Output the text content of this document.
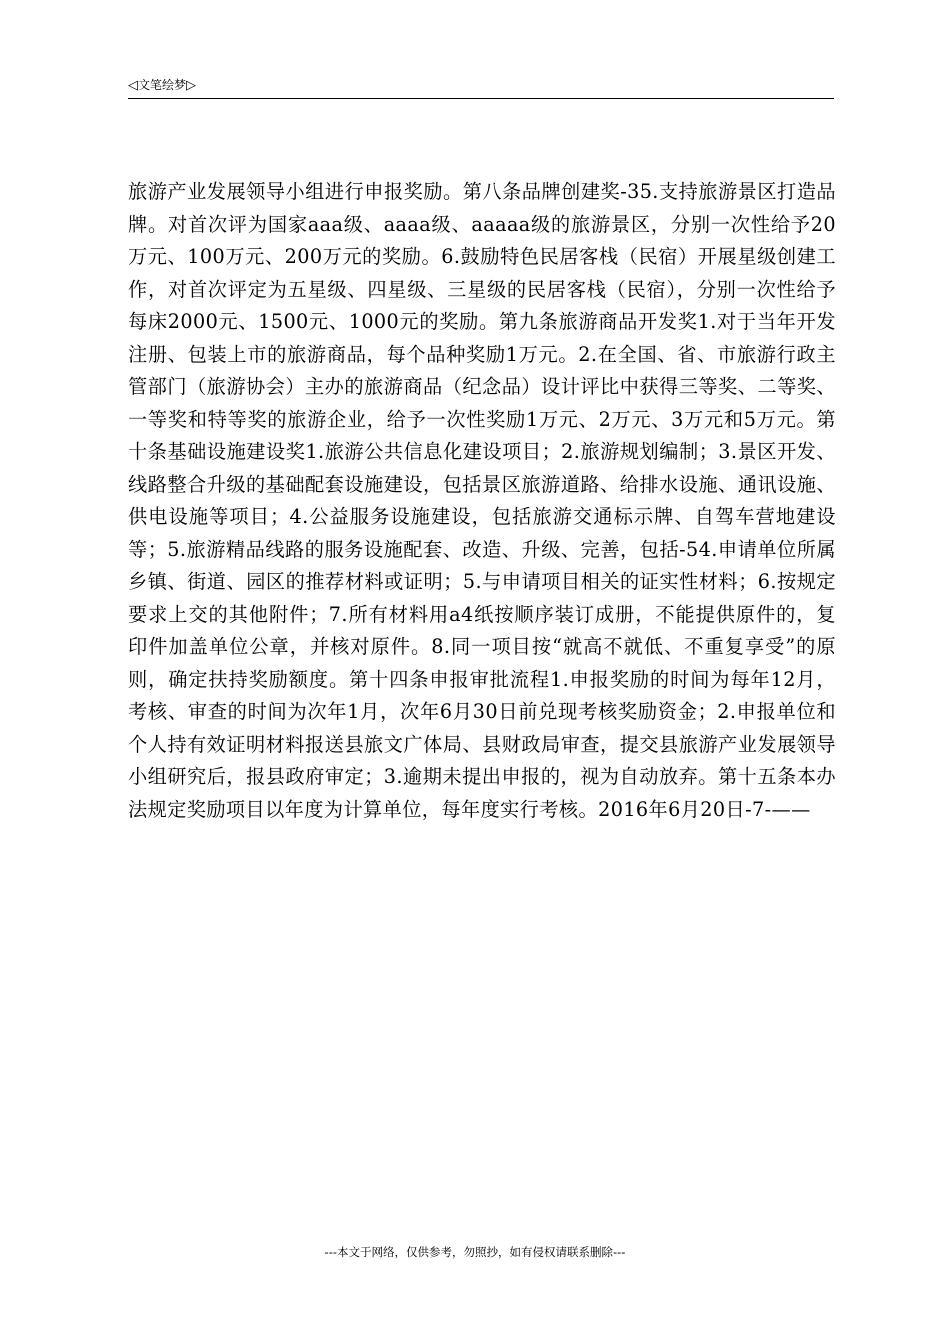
◁文笔绘梦▷
旅游产业发展领导小组进行申报奖励。第八条品牌创建奖-35.支持旅游景区打造品牌。对首次评为国家aaa级、aaaa级、aaaaa级的旅游景区，分别一次性给予20万元、100万元、200万元的奖励。6.鼓励特色民居客栈（民宿）开展星级创建工作，对首次评定为五星级、四星级、三星级的民居客栈（民宿），分别一次性给予每床2000元、1500元、1000元的奖励。第九条旅游商品开发奖1.对于当年开发注册、包装上市的旅游商品，每个品种奖励1万元。2.在全国、省、市旅游行政主管部门（旅游协会）主办的旅游商品（纪念品）设计评比中获得三等奖、二等奖、一等奖和特等奖的旅游企业，给予一次性奖励1万元、2万元、3万元和5万元。第十条基础设施建设奖1.旅游公共信息化建设项目；2.旅游规划编制；3.景区开发、线路整合升级的基础配套设施建设，包括景区旅游道路、给排水设施、通讯设施、供电设施等项目；4.公益服务设施建设，包括旅游交通标示牌、自驾车营地建设等；5.旅游精品线路的服务设施配套、改造、升级、完善，包括-54.申请单位所属乡镇、街道、园区的推荐材料或证明；5.与申请项目相关的证实性材料；6.按规定要求上交的其他附件；7.所有材料用a4纸按顺序装订成册，不能提供原件的，复印件加盖单位公章，并核对原件。8.同一项目按“就高不就低、不重复享受”的原则，确定扶持奖励额度。第十四条申报审批流程1.申报奖励的时间为每年12月，考核、审查的时间为次年1月，次年6月30日前兑现考核奖励资金；2.申报单位和个人持有效证明材料报送县旅文广体局、县财政局审查，提交县旅游产业发展领导小组研究后，报县政府审定；3.逾期未提出申报的，视为自动放弃。第十五条本办法规定奖励项目以年度为计算单位，每年度实行考核。2016年6月20日-7-——
---本文于网络，仅供参考，勿照抄，如有侵权请联系删除---
